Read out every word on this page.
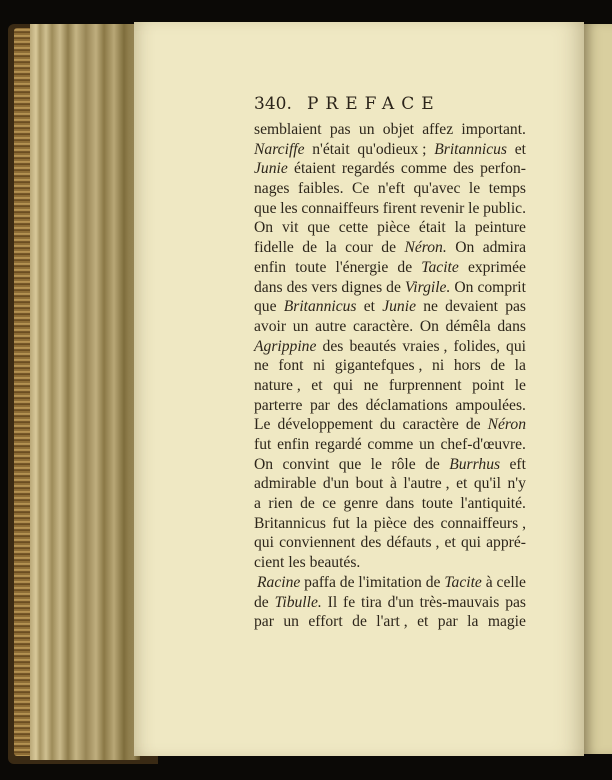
340. PREFACE
semblaient pas un objet affez important.
Narciffe n'était qu'odieux ; Britannicus et
Junie étaient regardés comme des perfon-
nages faibles. Ce n'eft qu'avec le temps
que les connaiffeurs firent revenir le public.
On vit que cette pièce était la peinture
fidelle de la cour de Néron. On admira
enfin toute l'énergie de Tacite exprimée
dans des vers dignes de Virgile. On comprit
que Britannicus et Junie ne devaient pas
avoir un autre caractère. On démêla dans
Agrippine des beautés vraies , folides, qui
ne font ni gigantefques , ni hors de la
nature , et qui ne furprennent point le
parterre par des déclamations ampoulées.
Le développement du caractère de Néron
fut enfin regardé comme un chef-d'œuvre.
On convint que le rôle de Burrhus eft
admirable d'un bout à l'autre , et qu'il n'y
a rien de ce genre dans toute l'antiquité.
Britannicus fut la pièce des connaiffeurs ,
qui conviennent des défauts , et qui appré-
cient les beautés.
Racine paffa de l'imitation de Tacite à celle
de Tibulle. Il fe tira d'un très-mauvais pas
par un effort de l'art , et par la magie
